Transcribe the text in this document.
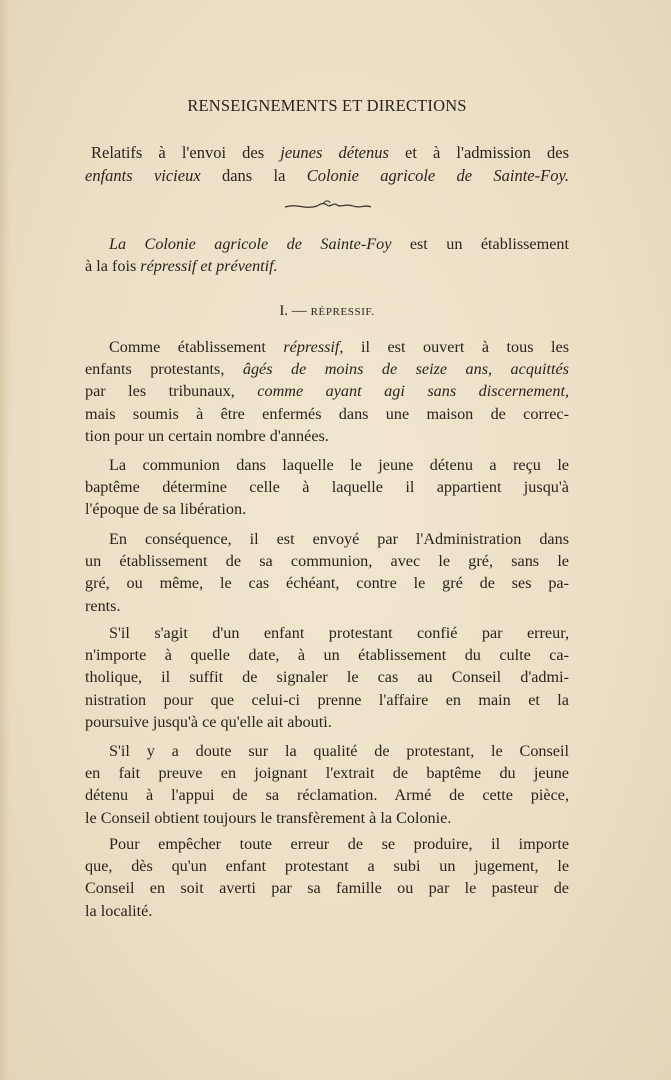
RENSEIGNEMENTS ET DIRECTIONS
Relatifs à l'envoi des jeunes détenus et à l'admission des
enfants vicieux dans la Colonie agricole de Sainte-Foy.
La Colonie agricole de Sainte-Foy est un établissement
à la fois répressif et préventif.
I. — RÉPRESSIF.
Comme établissement répressif, il est ouvert à tous les
enfants protestants, âgés de moins de seize ans, acquittés
par les tribunaux, comme ayant agi sans discernement,
mais soumis à être enfermés dans une maison de correc-
tion pour un certain nombre d'années.
La communion dans laquelle le jeune détenu a reçu le
baptême détermine celle à laquelle il appartient jusqu'à
l'époque de sa libération.
En conséquence, il est envoyé par l'Administration dans
un établissement de sa communion, avec le gré, sans le
gré, ou même, le cas échéant, contre le gré de ses pa-
rents.
S'il s'agit d'un enfant protestant confié par erreur,
n'importe à quelle date, à un établissement du culte ca-
tholique, il suffit de signaler le cas au Conseil d'admi-
nistration pour que celui-ci prenne l'affaire en main et la
poursuive jusqu'à ce qu'elle ait abouti.
S'il y a doute sur la qualité de protestant, le Conseil
en fait preuve en joignant l'extrait de baptême du jeune
détenu à l'appui de sa réclamation. Armé de cette pièce,
le Conseil obtient toujours le transfèrement à la Colonie.
Pour empêcher toute erreur de se produire, il importe
que, dès qu'un enfant protestant a subi un jugement, le
Conseil en soit averti par sa famille ou par le pasteur de
la localité.
